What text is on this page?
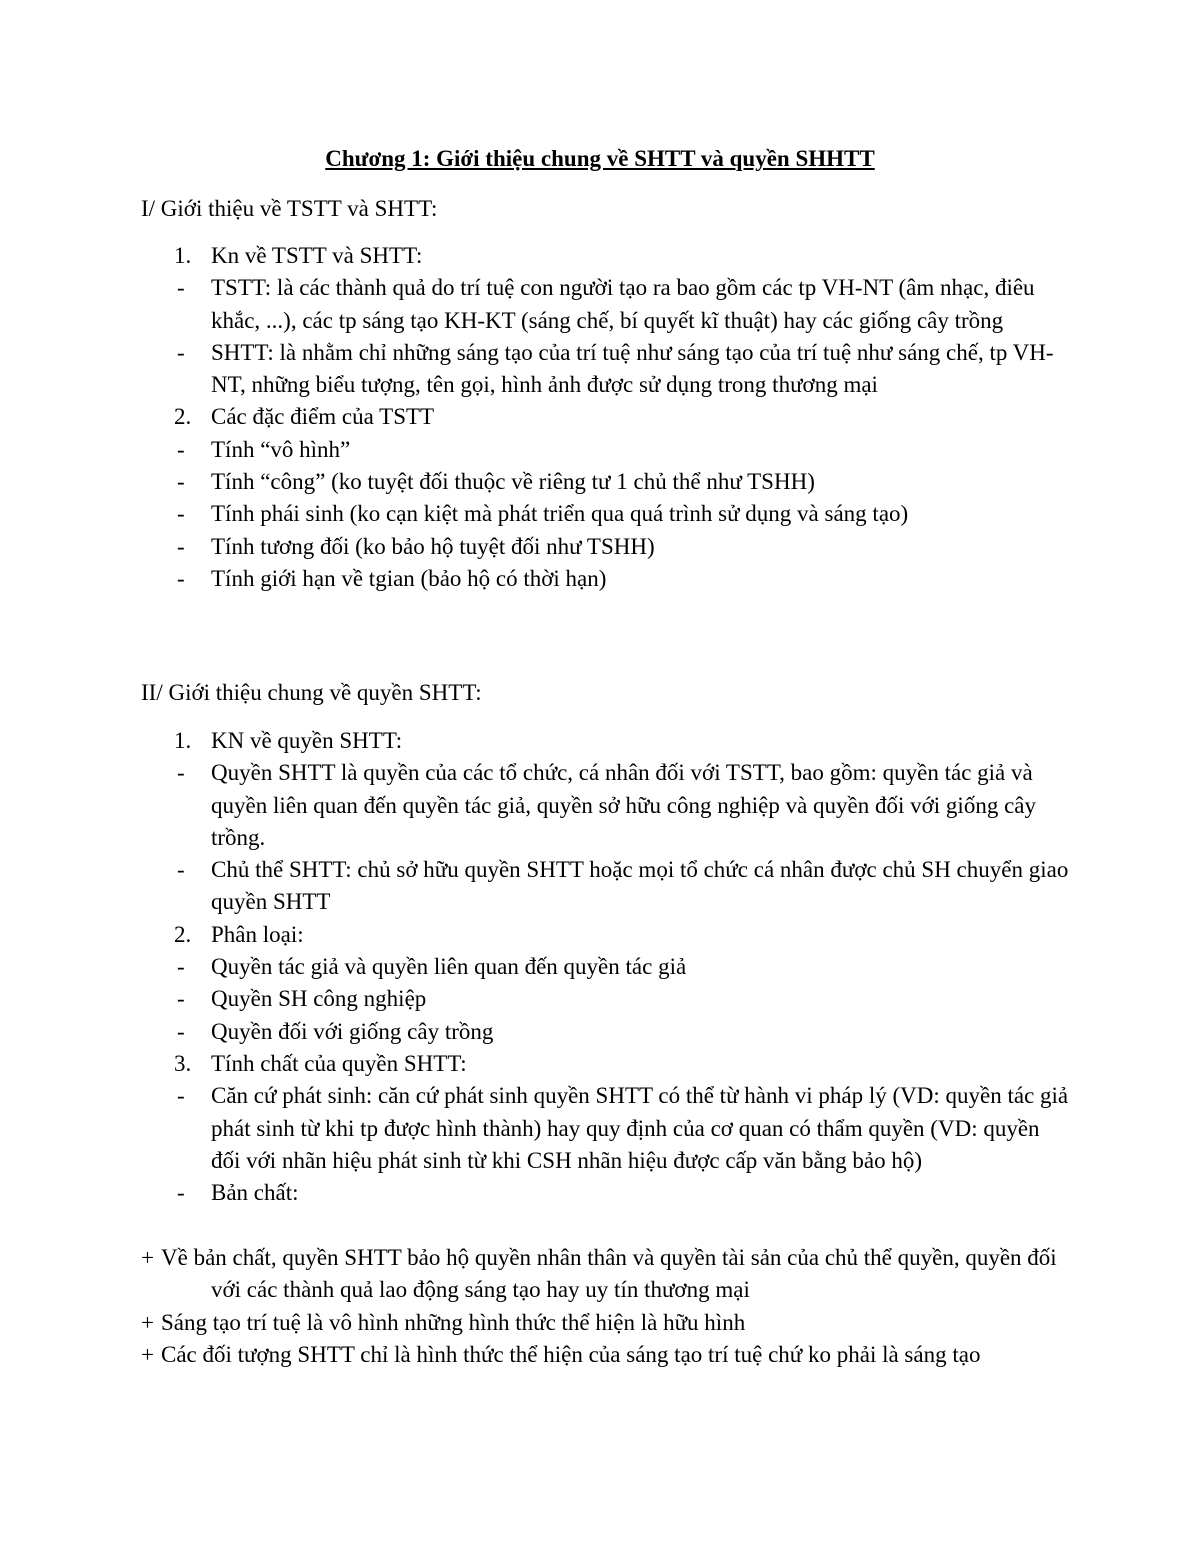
Chương 1: Giới thiệu chung về SHTT và quyền SHHTT
I/ Giới thiệu về TSTT và SHTT:
1. Kn về TSTT và SHTT:
- TSTT: là các thành quả do trí tuệ con người tạo ra bao gồm các tp VH-NT (âm nhạc, điêu khắc, ...), các tp sáng tạo KH-KT (sáng chế, bí quyết kĩ thuật) hay các giống cây trồng
- SHTT: là nhằm chỉ những sáng tạo của trí tuệ như sáng tạo của trí tuệ như sáng chế, tp VH-NT, những biểu tượng, tên gọi, hình ảnh được sử dụng trong thương mại
2. Các đặc điểm của TSTT
- Tính “vô hình”
- Tính “công” (ko tuyệt đối thuộc về riêng tư 1 chủ thể như TSHH)
- Tính phái sinh (ko cạn kiệt mà phát triển qua quá trình sử dụng và sáng tạo)
- Tính tương đối (ko bảo hộ tuyệt đối như TSHH)
- Tính giới hạn về tgian (bảo hộ có thời hạn)
II/ Giới thiệu chung về quyền SHTT:
1. KN về quyền SHTT:
- Quyền SHTT là quyền của các tổ chức, cá nhân đối với TSTT, bao gồm: quyền tác giả và quyền liên quan đến quyền tác giả, quyền sở hữu công nghiệp và quyền đối với giống cây trồng.
- Chủ thể SHTT: chủ sở hữu quyền SHTT hoặc mọi tổ chức cá nhân được chủ SH chuyển giao quyền SHTT
2. Phân loại:
- Quyền tác giả và quyền liên quan đến quyền tác giả
- Quyền SH công nghiệp
- Quyền đối với giống cây trồng
3. Tính chất của quyền SHTT:
- Căn cứ phát sinh: căn cứ phát sinh quyền SHTT có thể từ hành vi pháp lý (VD: quyền tác giả phát sinh từ khi tp được hình thành) hay quy định của cơ quan có thẩm quyền (VD: quyền đối với nhãn hiệu phát sinh từ khi CSH nhãn hiệu được cấp văn bằng bảo hộ)
- Bản chất:
+ Về bản chất, quyền SHTT bảo hộ quyền nhân thân và quyền tài sản của chủ thể quyền, quyền đối với các thành quả lao động sáng tạo hay uy tín thương mại
+ Sáng tạo trí tuệ là vô hình những hình thức thể hiện là hữu hình
+ Các đối tượng SHTT chỉ là hình thức thể hiện của sáng tạo trí tuệ chứ ko phải là sáng tạo
